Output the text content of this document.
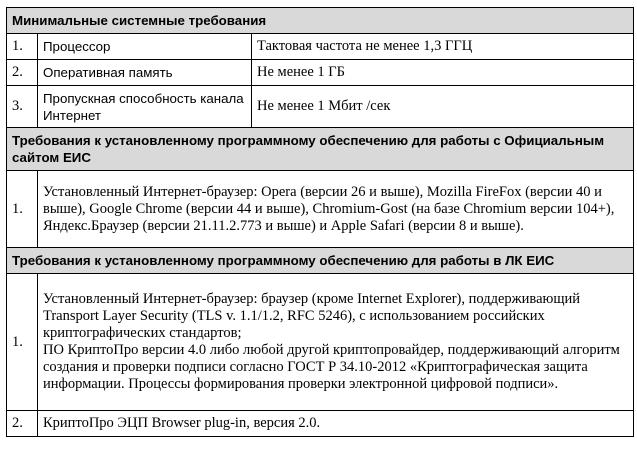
Минимальные системные требования		
1.	Процессор	Тактовая частота не менее 1,3 ГГЦ
2.	Оперативная память	Не менее 1 ГБ
3.	Пропускная способность канала Интернет	Не менее 1 Мбит /сек
Требования к установленному программному обеспечению для работы с Официальным сайтом ЕИС		
1.	Установленный Интернет-браузер: Opera (версии 26 и выше), Mozilla FireFox (версии 40 и выше), Google Chrome (версии 44 и выше), Chromium-Gost (на базе Chromium версии 104+), Яндекс.Браузер (версии 21.11.2.773 и выше) и Apple Safari (версии 8 и выше).	
Требования к установленному программному обеспечению для работы в ЛК ЕИС		
1.	Установленный Интернет-браузер: браузер (кроме Internet Explorer), поддерживающий Transport Layer Security (TLS v. 1.1/1.2, RFC 5246), с использованием российских криптографических стандартов;
ПО КриптоПро версии 4.0 либо любой другой криптопровайдер, поддерживающий алгоритм создания и проверки подписи согласно ГОСТ Р 34.10-2012 «Криптографическая защита информации. Процессы формирования проверки электронной цифровой подписи».	

2.	КриптоПро ЭЦП Browser plug-in, версия 2.0.	
